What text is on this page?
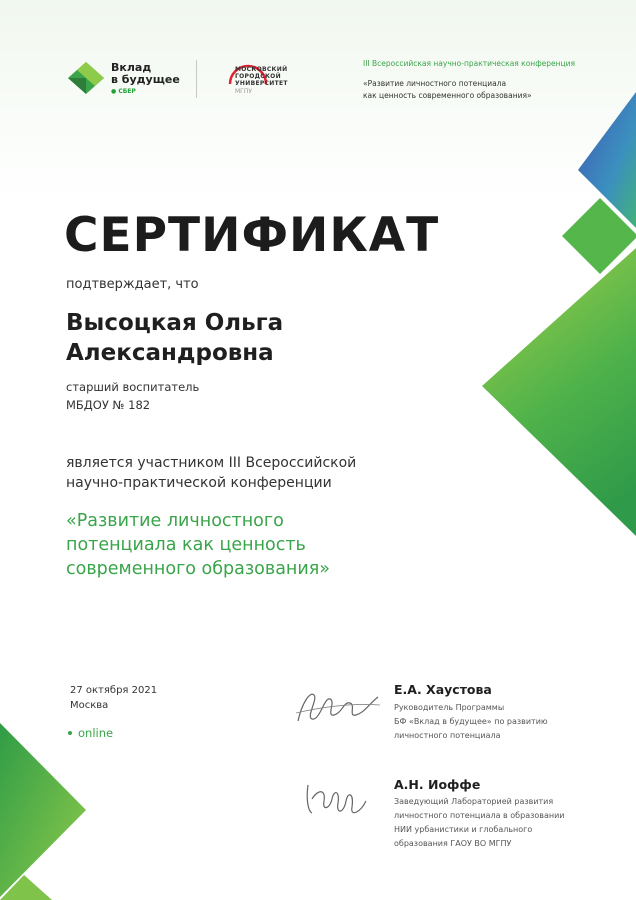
Вклад
в будущее
● СБЕР
МОСКОВСКИЙ
ГОРОДСКОЙ
УНИВЕРСИТЕТ
МГПУ
III Всероссийская научно-практическая конференция
«Развитие личностного потенциала
как ценность современного образования»
СЕРТИФИКАТ
подтверждает, что
Высоцкая Ольга
Александровна
старший воспитатель
МБДОУ № 182
является участником III Всероссийской
научно-практической конференции
«Развитие личностного
потенциала как ценность
современного образования»
27 октября 2021
Москва
online
Е.А. Хаустова
Руководитель Программы
БФ «Вклад в будущее» по развитию
личностного потенциала
А.Н. Иоффе
Заведующий Лабораторией развития
личностного потенциала в образовании
НИИ урбанистики и глобального
образования ГАОУ ВО МГПУ
